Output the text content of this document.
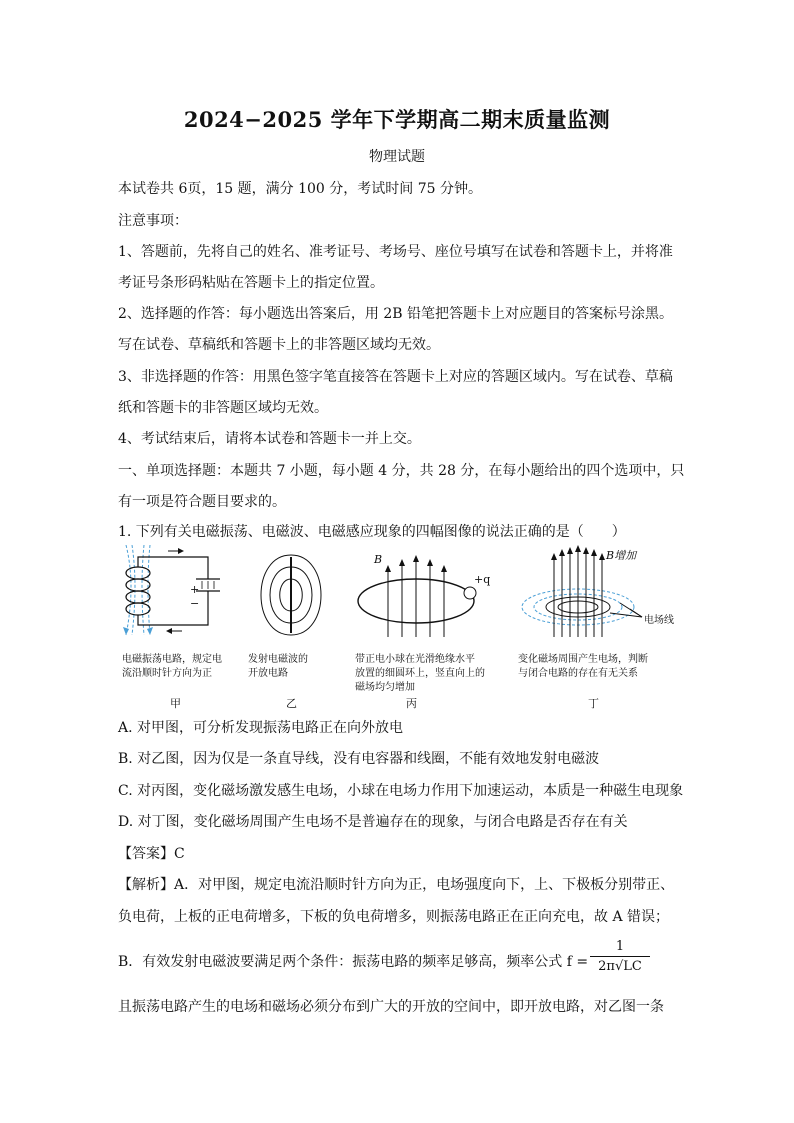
2024−2025 学年下学期高二期末质量监测
物理试题
本试卷共 6页，15 题，满分 100 分，考试时间 75 分钟。
注意事项：
1、答题前，先将自己的姓名、准考证号、考场号、座位号填写在试卷和答题卡上，并将准
考证号条形码粘贴在答题卡上的指定位置。
2、选择题的作答：每小题选出答案后，用 2B 铅笔把答题卡上对应题目的答案标号涂黑。
写在试卷、草稿纸和答题卡上的非答题区域均无效。
3、非选择题的作答：用黑色签字笔直接答在答题卡上对应的答题区域内。写在试卷、草稿
纸和答题卡的非答题区域均无效。
4、考试结束后，请将本试卷和答题卡一并上交。
一、单项选择题：本题共 7 小题，每小题 4 分，共 28 分，在每小题给出的四个选项中，只
有一项是符合题目要求的。
1. 下列有关电磁振荡、电磁波、电磁感应现象的四幅图像的说法正确的是（　　）
+
−
B
+q
B增加
电场线
电磁振荡电路，规定电
流沿顺时针方向为正
发射电磁波的
开放电路
带正电小球在光滑绝缘水平
放置的细圆环上，竖直向上的
磁场均匀增加
变化磁场周围产生电场，判断
与闭合电路的存在有无关系
甲	乙	丙	丁
A. 对甲图，可分析发现振荡电路正在向外放电
B. 对乙图，因为仅是一条直导线，没有电容器和线圈，不能有效地发射电磁波
C. 对丙图，变化磁场激发感生电场，小球在电场力作用下加速运动，本质是一种磁生电现象
D. 对丁图，变化磁场周围产生电场不是普遍存在的现象，与闭合电路是否存在有关
【答案】C
【解析】A．对甲图，规定电流沿顺时针方向为正，电场强度向下，上、下极板分别带正、
负电荷，上板的正电荷增多，下板的负电荷增多，则振荡电路正在正向充电，故 A 错误；
B．有效发射电磁波要满足两个条件：振荡电路的频率足够高，频率公式 $f = \frac{1}{2\pi√LC}$
且振荡电路产生的电场和磁场必须分布到广大的开放的空间中，即开放电路，对乙图一条
